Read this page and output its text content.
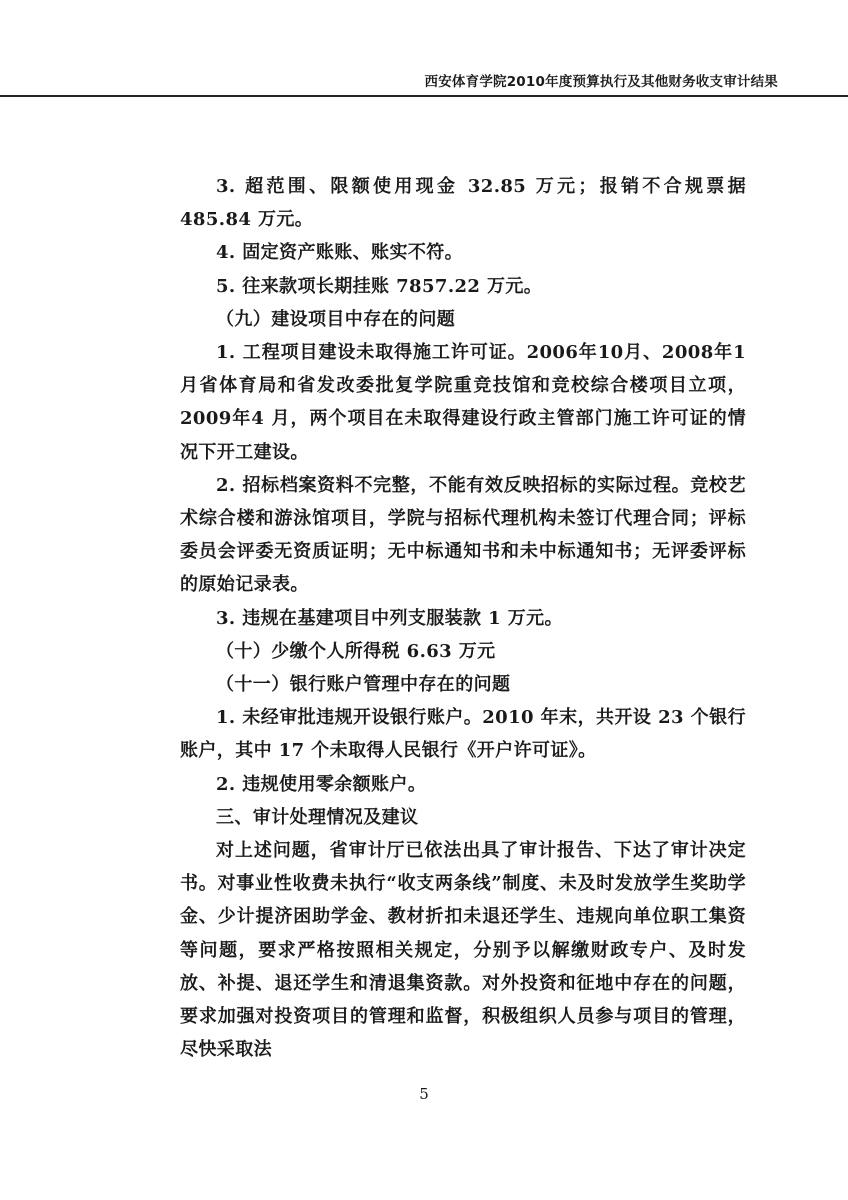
西安体育学院2010年度预算执行及其他财务收支审计结果

3. 超范围、限额使用现金 32.85 万元；报销不合规票据 485.84 万元。

4. 固定资产账账、账实不符。

5. 往来款项长期挂账 7857.22 万元。

（九）建设项目中存在的问题

1. 工程项目建设未取得施工许可证。2006年10月、2008年1月省体育局和省发改委批复学院重竞技馆和竞校综合楼项目立项，2009年4 月，两个项目在未取得建设行政主管部门施工许可证的情况下开工建设。

2. 招标档案资料不完整，不能有效反映招标的实际过程。竞校艺术综合楼和游泳馆项目，学院与招标代理机构未签订代理合同；评标委员会评委无资质证明；无中标通知书和未中标通知书；无评委评标的原始记录表。

3. 违规在基建项目中列支服装款 1 万元。

（十）少缴个人所得税 6.63 万元

（十一）银行账户管理中存在的问题

1. 未经审批违规开设银行账户。2010 年末，共开设 23 个银行账户，其中 17 个未取得人民银行《开户许可证》。

2. 违规使用零余额账户。

三、审计处理情况及建议

对上述问题，省审计厅已依法出具了审计报告、下达了审计决定书。对事业性收费未执行“收支两条线”制度、未及时发放学生奖助学金、少计提济困助学金、教材折扣未退还学生、违规向单位职工集资等问题，要求严格按照相关规定，分别予以解缴财政专户、及时发放、补提、退还学生和清退集资款。对外投资和征地中存在的问题，要求加强对投资项目的管理和监督，积极组织人员参与项目的管理，尽快采取法

5
